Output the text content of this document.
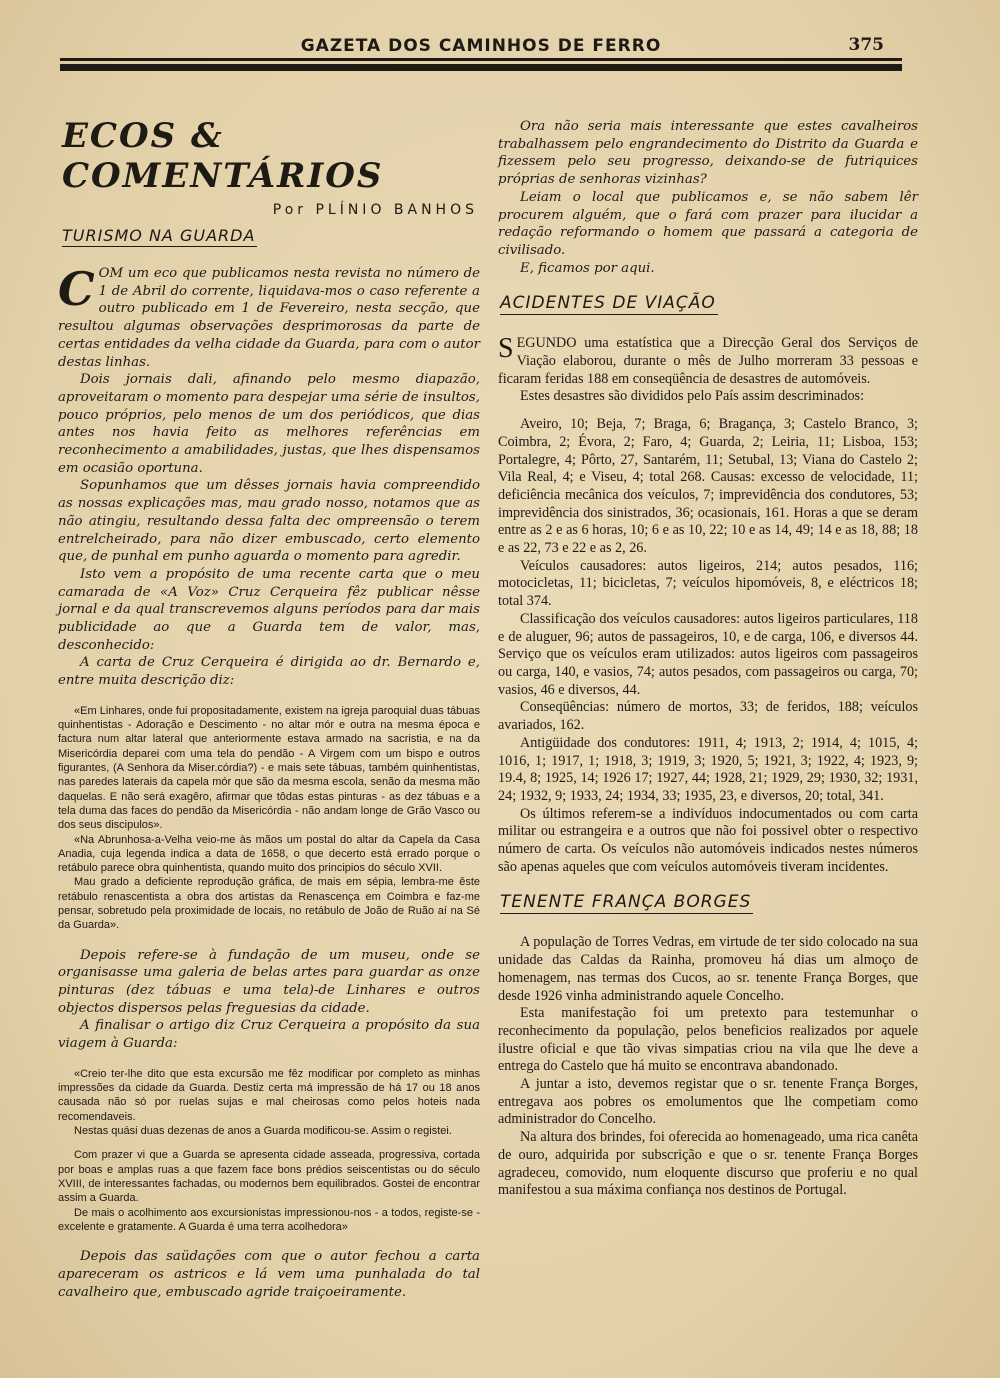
GAZETA DOS CAMINHOS DE FERRO	375
ECOS & COMENTÁRIOS
Por PLÍNIO BANHOS
TURISMO NA GUARDA

COM um eco que publicamos nesta revista no número de 1 de Abril do corrente, liquidava-mos o caso referente a outro publicado em 1 de Fevereiro, nesta secção, que resultou algumas observações desprimorosas da parte de certas entidades da velha cidade da Guarda, para com o autor destas linhas.

Dois jornais dali, afinando pelo mesmo diapazão, aproveitaram o momento para despejar uma série de insultos, pouco próprios, pelo menos de um dos periódicos, que dias antes nos havia feito as melhores referências em reconhecimento a amabilidades, justas, que lhes dispensamos em ocasião oportuna.

Sopunhamos que um dêsses jornais havia compreendido as nossas explicações mas, mau grado nosso, notamos que as não atingiu, resultando dessa falta dec ompreensão o terem entrelcheirado, para não dizer embuscado, certo elemento que, de punhal em punho aguarda o momento para agredir.

Isto vem a propósito de uma recente carta que o meu camarada de «A Voz» Cruz Cerqueira fêz publicar nêsse jornal e da qual transcrevemos alguns períodos para dar mais publicidade ao que a Guarda tem de valor, mas, desconhecido:

A carta de Cruz Cerqueira é dirigida ao dr. Bernardo e, entre muita descrição diz:

«Em Linhares, onde fui propositadamente, existem na igreja paroquial duas tábuas quinhentistas - Adoração e Descimento - no altar mór e outra na mesma época e factura num altar lateral que anteriormente estava armado na sacristia, e na da Misericórdia deparei com uma tela do pendão - A Virgem com um bispo e outros figurantes, (A Senhora da Miser.córdia?) - e mais sete tábuas, também quinhentistas, nas paredes laterais da capela mór que são da mesma escola, senão da mesma mão daquelas. E não será exagêro, afirmar que tôdas estas pinturas - as dez tábuas e a tela duma das faces do pendão da Misericórdia - não andam longe de Grão Vasco ou dos seus discipulos».

«Na Abrunhosa-a-Velha veio-me às mãos um postal do altar da Capela da Casa Anadia, cuja legenda indica a data de 1658, o que decerto está errado porque o retábulo parece obra quinhentista, quando muito dos principios do século XVII.

Mau grado a deficiente reprodução gráfica, de mais em sépia, lembra-me êste retábulo renascentista a obra dos artistas da Renascença em Coimbra e faz-me pensar, sobretudo pela proximidade de locais, no retábulo de João de Ruão aí na Sé da Guarda».

Depois refere-se à fundação de um museu, onde se organisasse uma galeria de belas artes para guardar as onze pinturas (dez tábuas e uma tela)-de Linhares e outros objectos dispersos pelas freguesias da cidade.

A finalisar o artigo diz Cruz Cerqueira a propósito da sua viagem à Guarda:

«Creio ter-lhe dito que esta excursão me fêz modificar por completo as minhas impressões da cidade da Guarda. Destiz certa má impressão de há 17 ou 18 anos causada não só por ruelas sujas e mal cheirosas como pelos hoteis nada recomendaveis.

Nestas quási duas dezenas de anos a Guarda modificou-se. Assim o registei.

Com prazer vi que a Guarda se apresenta cidade asseada, progressiva, cortada por boas e amplas ruas a que fazem face bons prédios seiscentistas ou do século XVIII, de interessantes fachadas, ou modernos bem equilibrados. Gostei de encontrar assim a Guarda.

De mais o acolhimento aos excursionistas impressionou-nos - a todos, registe-se - excelente e gratamente. A Guarda é uma terra acolhedora»

Depois das saüdações com que o autor fechou a carta apareceram os astricos e lá vem uma punhalada do tal cavalheiro que, embuscado agride traiçoeiramente.

Ora não seria mais interessante que estes cavalheiros trabalhassem pelo engrandecimento do Distrito da Guarda e fizessem pelo seu progresso, deixando-se de futriquices próprias de senhoras vizinhas?

Leiam o local que publicamos e, se não sabem lêr procurem alguém, que o fará com prazer para ilucidar a redação reformando o homem que passará a categoria de civilisado.

E, ficamos por aqui.

ACIDENTES DE VIAÇÃO

SEGUNDO uma estatística que a Direcção Geral dos Serviços de Viação elaborou, durante o mês de Julho morreram 33 pessoas e ficaram feridas 188 em conseqüência de desastres de automóveis.

Estes desastres são divididos pelo País assim descriminados:

Aveiro, 10; Beja, 7; Braga, 6; Bragança, 3; Castelo Branco, 3; Coimbra, 2; Évora, 2; Faro, 4; Guarda, 2; Leiria, 11; Lisboa, 153; Portalegre, 4; Pôrto, 27, Santarém, 11; Setubal, 13; Viana do Castelo 2; Vila Real, 4; e Viseu, 4; total 268. Causas: excesso de velocidade, 11; deficiência mecânica dos veículos, 7; imprevidência dos condutores, 53; imprevidência dos sinistrados, 36; ocasionais, 161. Horas a que se deram entre as 2 e as 6 horas, 10; 6 e as 10, 22; 10 e as 14, 49; 14 e as 18, 88; 18 e as 22, 73 e 22 e as 2, 26.

Veículos causadores: autos ligeiros, 214; autos pesados, 116; motocicletas, 11; bicicletas, 7; veículos hipomóveis, 8, e eléctricos 18; total 374.

Classificação dos veículos causadores: autos ligeiros particulares, 118 e de aluguer, 96; autos de passageiros, 10, e de carga, 106, e diversos 44. Serviço que os veículos eram utilizados: autos ligeiros com passageiros ou carga, 140, e vasios, 74; autos pesados, com passageiros ou carga, 70; vasios, 46 e diversos, 44.

Conseqüências: número de mortos, 33; de feridos, 188; veículos avariados, 162.

Antigüidade dos condutores: 1911, 4; 1913, 2; 1914, 4; 1015, 4; 1016, 1; 1917, 1; 1918, 3; 1919, 3; 1920, 5; 1921, 3; 1922, 4; 1923, 9; 19.4, 8; 1925, 14; 1926 17; 1927, 44; 1928, 21; 1929, 29; 1930, 32; 1931, 24; 1932, 9; 1933, 24; 1934, 33; 1935, 23, e diversos, 20; total, 341.

Os últimos referem-se a indivíduos indocumentados ou com carta militar ou estrangeira e a outros que não foi possivel obter o respectivo número de carta. Os veículos não automóveis indicados nestes números são apenas aqueles que com veículos automóveis tiveram incidentes.

TENENTE FRANÇA BORGES

A população de Torres Vedras, em virtude de ter sido colocado na sua unidade das Caldas da Rainha, promoveu há dias um almoço de homenagem, nas termas dos Cucos, ao sr. tenente França Borges, que desde 1926 vinha administrando aquele Concelho.

Esta manifestação foi um pretexto para testemunhar o reconhecimento da população, pelos beneficios realizados por aquele ilustre oficial e que tão vivas simpatias criou na vila que lhe deve a entrega do Castelo que há muito se encontrava abandonado.

A juntar a isto, devemos registar que o sr. tenente França Borges, entregava aos pobres os emolumentos que lhe competiam como administrador do Concelho.

Na altura dos brindes, foi oferecida ao homenageado, uma rica canêta de ouro, adquirida por subscrição e que o sr. tenente França Borges agradeceu, comovido, num eloquente discurso que proferiu e no qual manifestou a sua máxima confiança nos destinos de Portugal.
